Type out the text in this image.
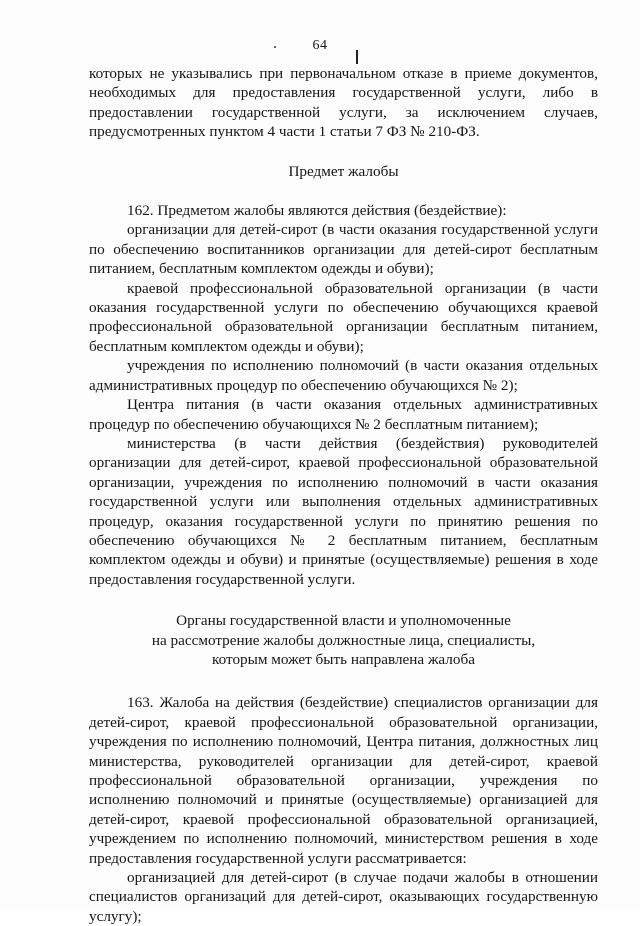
64

которых не указывались при первоначальном отказе в приеме документов, необходимых для предоставления государственной услуги, либо в предоставлении государственной услуги, за исключением случаев, предусмотренных пунктом 4 части 1 статьи 7 ФЗ № 210-ФЗ.

Предмет жалобы

162. Предметом жалобы являются действия (бездействие):

организации для детей-сирот (в части оказания государственной услуги по обеспечению воспитанников организации для детей-сирот бесплатным питанием, бесплатным комплектом одежды и обуви);

краевой профессиональной образовательной организации (в части оказания государственной услуги по обеспечению обучающихся краевой профессиональной образовательной организации бесплатным питанием, бесплатным комплектом одежды и обуви);

учреждения по исполнению полномочий (в части оказания отдельных административных процедур по обеспечению обучающихся № 2);

Центра питания (в части оказания отдельных административных процедур по обеспечению обучающихся № 2 бесплатным питанием);

министерства (в части действия (бездействия) руководителей организации для детей-сирот, краевой профессиональной образовательной организации, учреждения по исполнению полномочий в части оказания государственной услуги или выполнения отдельных административных процедур, оказания государственной услуги по принятию решения по обеспечению обучающихся № 2 бесплатным питанием, бесплатным комплектом одежды и обуви) и принятые (осуществляемые) решения в ходе предоставления государственной услуги.

Органы государственной власти и уполномоченные
на рассмотрение жалобы должностные лица, специалисты,
которым может быть направлена жалоба

163. Жалоба на действия (бездействие) специалистов организации для детей-сирот, краевой профессиональной образовательной организации, учреждения по исполнению полномочий, Центра питания, должностных лиц министерства, руководителей организации для детей-сирот, краевой профессиональной образовательной организации, учреждения по исполнению полномочий и принятые (осуществляемые) организацией для детей-сирот, краевой профессиональной образовательной организацией, учреждением по исполнению полномочий, министерством решения в ходе предоставления государственной услуги рассматривается:

организацией для детей-сирот (в случае подачи жалобы в отношении специалистов организаций для детей-сирот, оказывающих государственную услугу);
